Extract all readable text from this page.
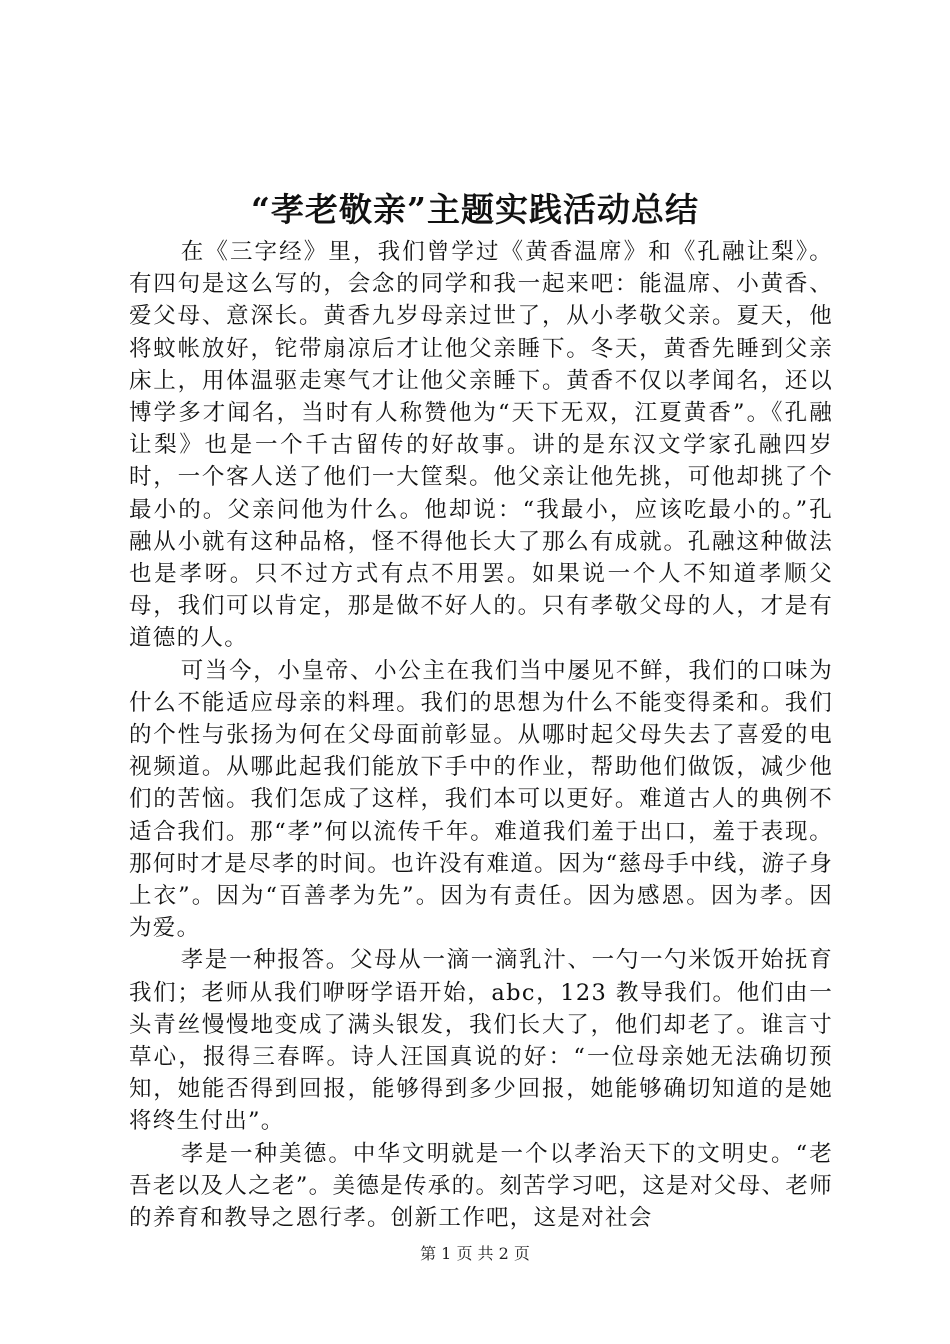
“孝老敬亲”主题实践活动总结

在《三字经》里，我们曾学过《黄香温席》和《孔融让梨》。有四句是这么写的，会念的同学和我一起来吧：能温席、小黄香、爱父母、意深长。黄香九岁母亲过世了，从小孝敬父亲。夏天，他将蚊帐放好，铊带扇凉后才让他父亲睡下。冬天，黄香先睡到父亲床上，用体温驱走寒气才让他父亲睡下。黄香不仅以孝闻名，还以博学多才闻名，当时有人称赞他为“天下无双，江夏黄香”。《孔融让梨》也是一个千古留传的好故事。讲的是东汉文学家孔融四岁时，一个客人送了他们一大筐梨。他父亲让他先挑，可他却挑了个最小的。父亲问他为什么。他却说：“我最小，应该吃最小的。”孔融从小就有这种品格，怪不得他长大了那么有成就。孔融这种做法也是孝呀。只不过方式有点不用罢。如果说一个人不知道孝顺父母，我们可以肯定，那是做不好人的。只有孝敬父母的人，才是有道德的人。

可当今，小皇帝、小公主在我们当中屡见不鲜，我们的口味为什么不能适应母亲的料理。我们的思想为什么不能变得柔和。我们的个性与张扬为何在父母面前彰显。从哪时起父母失去了喜爱的电视频道。从哪此起我们能放下手中的作业，帮助他们做饭，减少他们的苦恼。我们怎成了这样，我们本可以更好。难道古人的典例不适合我们。那“孝”何以流传千年。难道我们羞于出口，羞于表现。那何时才是尽孝的时间。也许没有难道。因为“慈母手中线，游子身上衣”。因为“百善孝为先”。因为有责任。因为感恩。因为孝。因为爱。

孝是一种报答。父母从一滴一滴乳汁、一勺一勺米饭开始抚育我们；老师从我们咿呀学语开始，abc，123 教导我们。他们由一头青丝慢慢地变成了满头银发，我们长大了，他们却老了。谁言寸草心，报得三春晖。诗人汪国真说的好：“一位母亲她无法确切预知，她能否得到回报，能够得到多少回报，她能够确切知道的是她将终生付出”。

孝是一种美德。中华文明就是一个以孝治天下的文明史。“老吾老以及人之老”。美德是传承的。刻苦学习吧，这是对父母、老师的养育和教导之恩行孝。创新工作吧，这是对社会

第 1 页 共 2 页
